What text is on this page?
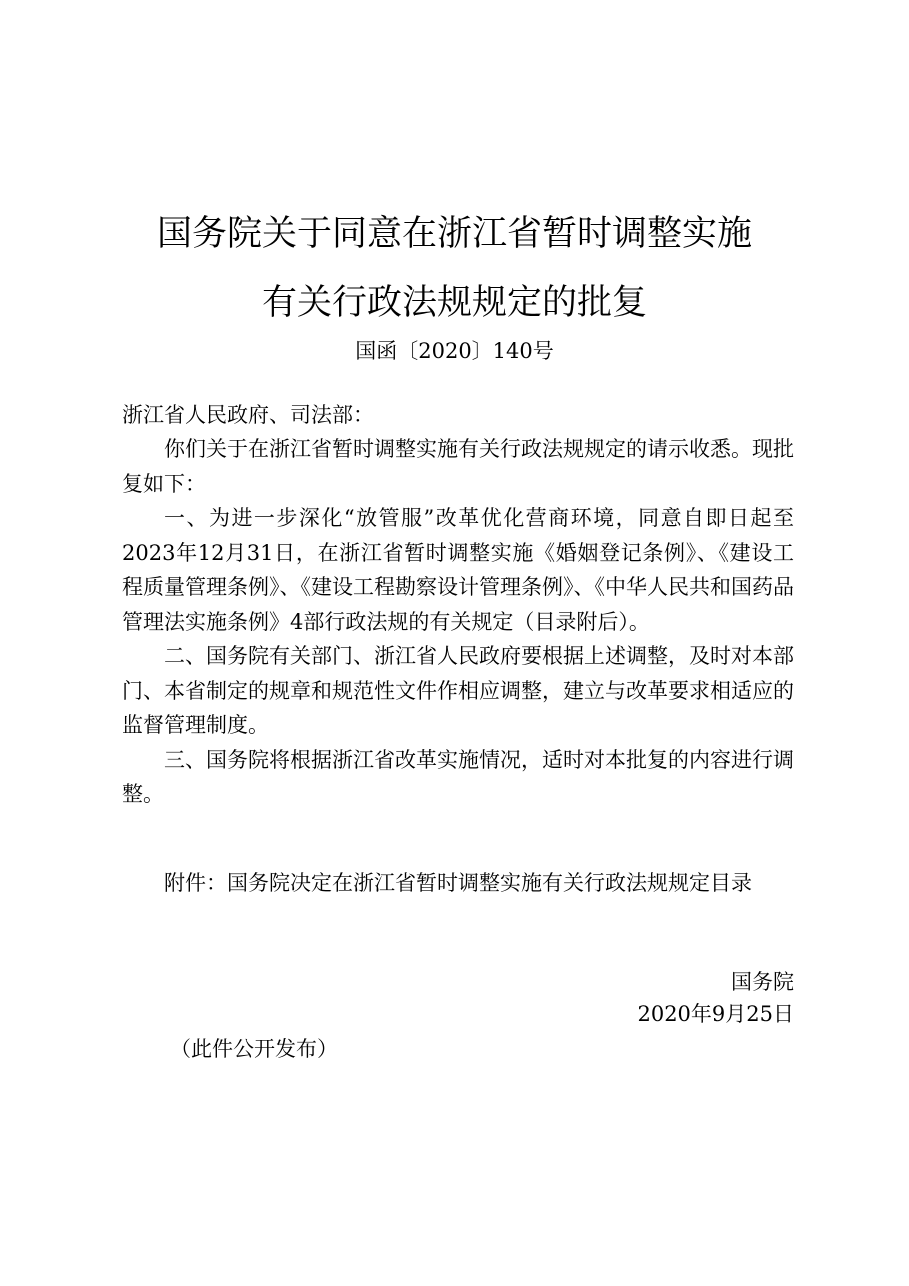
国务院关于同意在浙江省暂时调整实施
有关行政法规规定的批复
国函〔2020〕140号

浙江省人民政府、司法部：

你们关于在浙江省暂时调整实施有关行政法规规定的请示收悉。现批复如下：

一、为进一步深化“放管服”改革优化营商环境，同意自即日起至2023年12月31日，在浙江省暂时调整实施《婚姻登记条例》、《建设工程质量管理条例》、《建设工程勘察设计管理条例》、《中华人民共和国药品管理法实施条例》4部行政法规的有关规定（目录附后）。

二、国务院有关部门、浙江省人民政府要根据上述调整，及时对本部门、本省制定的规章和规范性文件作相应调整，建立与改革要求相适应的监督管理制度。

三、国务院将根据浙江省改革实施情况，适时对本批复的内容进行调整。

附件：国务院决定在浙江省暂时调整实施有关行政法规规定目录

国务院
2020年9月25日
（此件公开发布）
